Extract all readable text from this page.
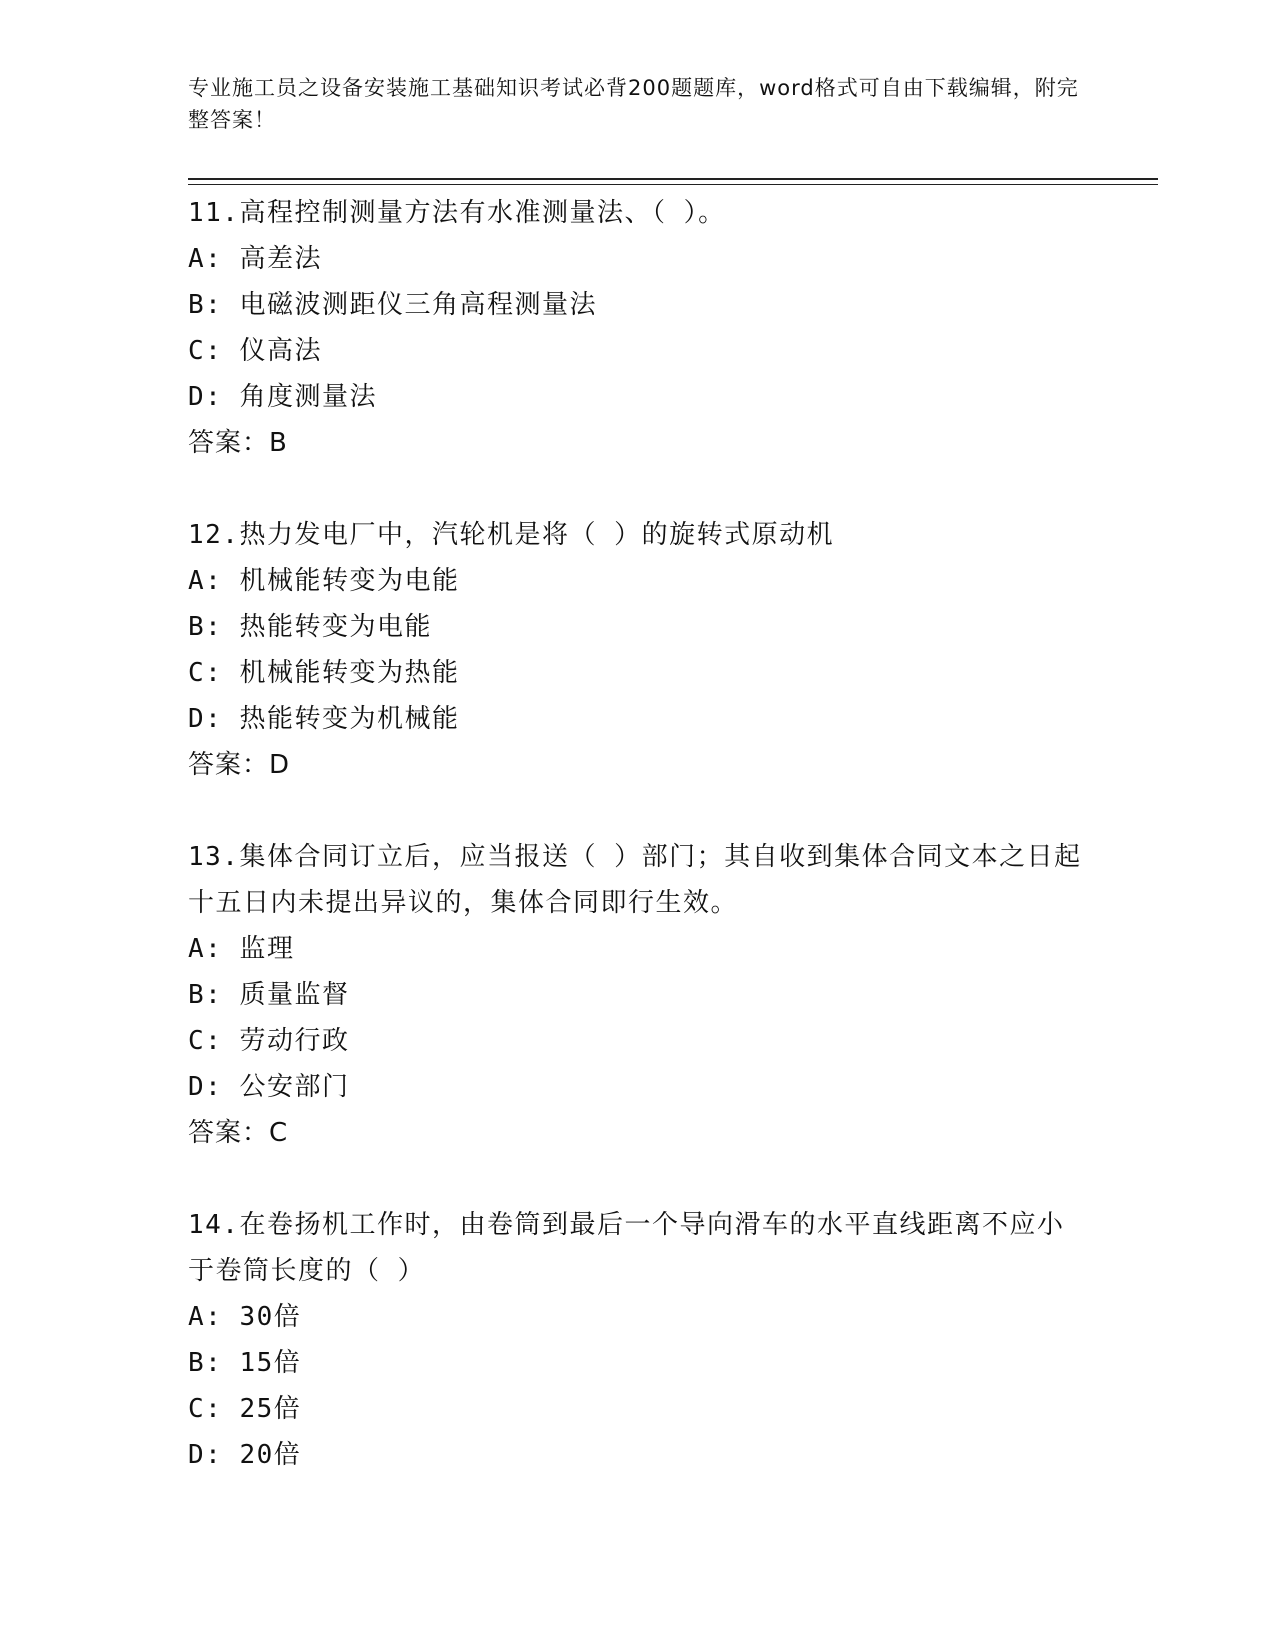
专业施工员之设备安装施工基础知识考试必背200题题库，word格式可自由下载编辑，附完整答案！
11.高程控制测量方法有水准测量法、（ ）。
A: 高差法
B: 电磁波测距仪三角高程测量法
C: 仪高法
D: 角度测量法
答案：B
12.热力发电厂中，汽轮机是将（ ）的旋转式原动机
A: 机械能转变为电能
B: 热能转变为电能
C: 机械能转变为热能
D: 热能转变为机械能
答案：D
13.集体合同订立后，应当报送（ ）部门；其自收到集体合同文本之日起十五日内未提出异议的，集体合同即行生效。
A: 监理
B: 质量监督
C: 劳动行政
D: 公安部门
答案：C
14.在卷扬机工作时，由卷筒到最后一个导向滑车的水平直线距离不应小于卷筒长度的（ ）
A: 30倍
B: 15倍
C: 25倍
D: 20倍
